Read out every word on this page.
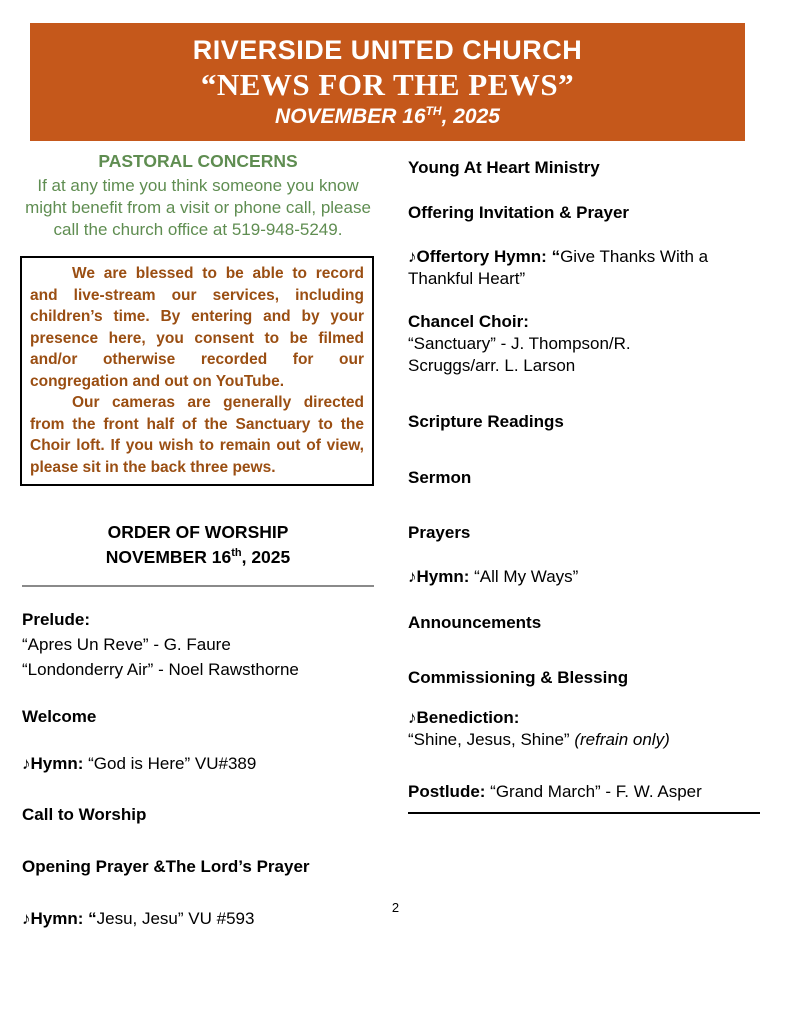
RIVERSIDE UNITED CHURCH
“NEWS FOR THE PEWS”
NOVEMBER 16TH, 2025
PASTORAL CONCERNS
If at any time you think someone you know might benefit from a visit or phone call, please call the church office at 519-948-5249.

We are blessed to be able to record and live-stream our services, including children’s time. By entering and by your presence here, you consent to be filmed and/or otherwise recorded for our congregation and out on YouTube.

Our cameras are generally directed from the front half of the Sanctuary to the Choir loft. If you wish to remain out of view, please sit in the back three pews.

ORDER OF WORSHIP
NOVEMBER 16th, 2025
Prelude:
“Apres Un Reve” - G. Faure
“Londonderry Air” - Noel Rawsthorne
Welcome
♪Hymn: “God is Here” VU#389
Call to Worship
Opening Prayer &The Lord’s Prayer
♪Hymn: “Jesu, Jesu” VU #593
Young At Heart Ministry
Offering Invitation & Prayer
♪Offertory Hymn: “Give Thanks With a Thankful Heart”
Chancel Choir:
“Sanctuary” - J. Thompson/R.
Scruggs/arr. L. Larson
Scripture Readings
Sermon
Prayers
♪Hymn: “All My Ways”
Announcements
Commissioning & Blessing
♪Benediction:
“Shine, Jesus, Shine” (refrain only)
Postlude: “Grand March” - F. W. Asper
2
